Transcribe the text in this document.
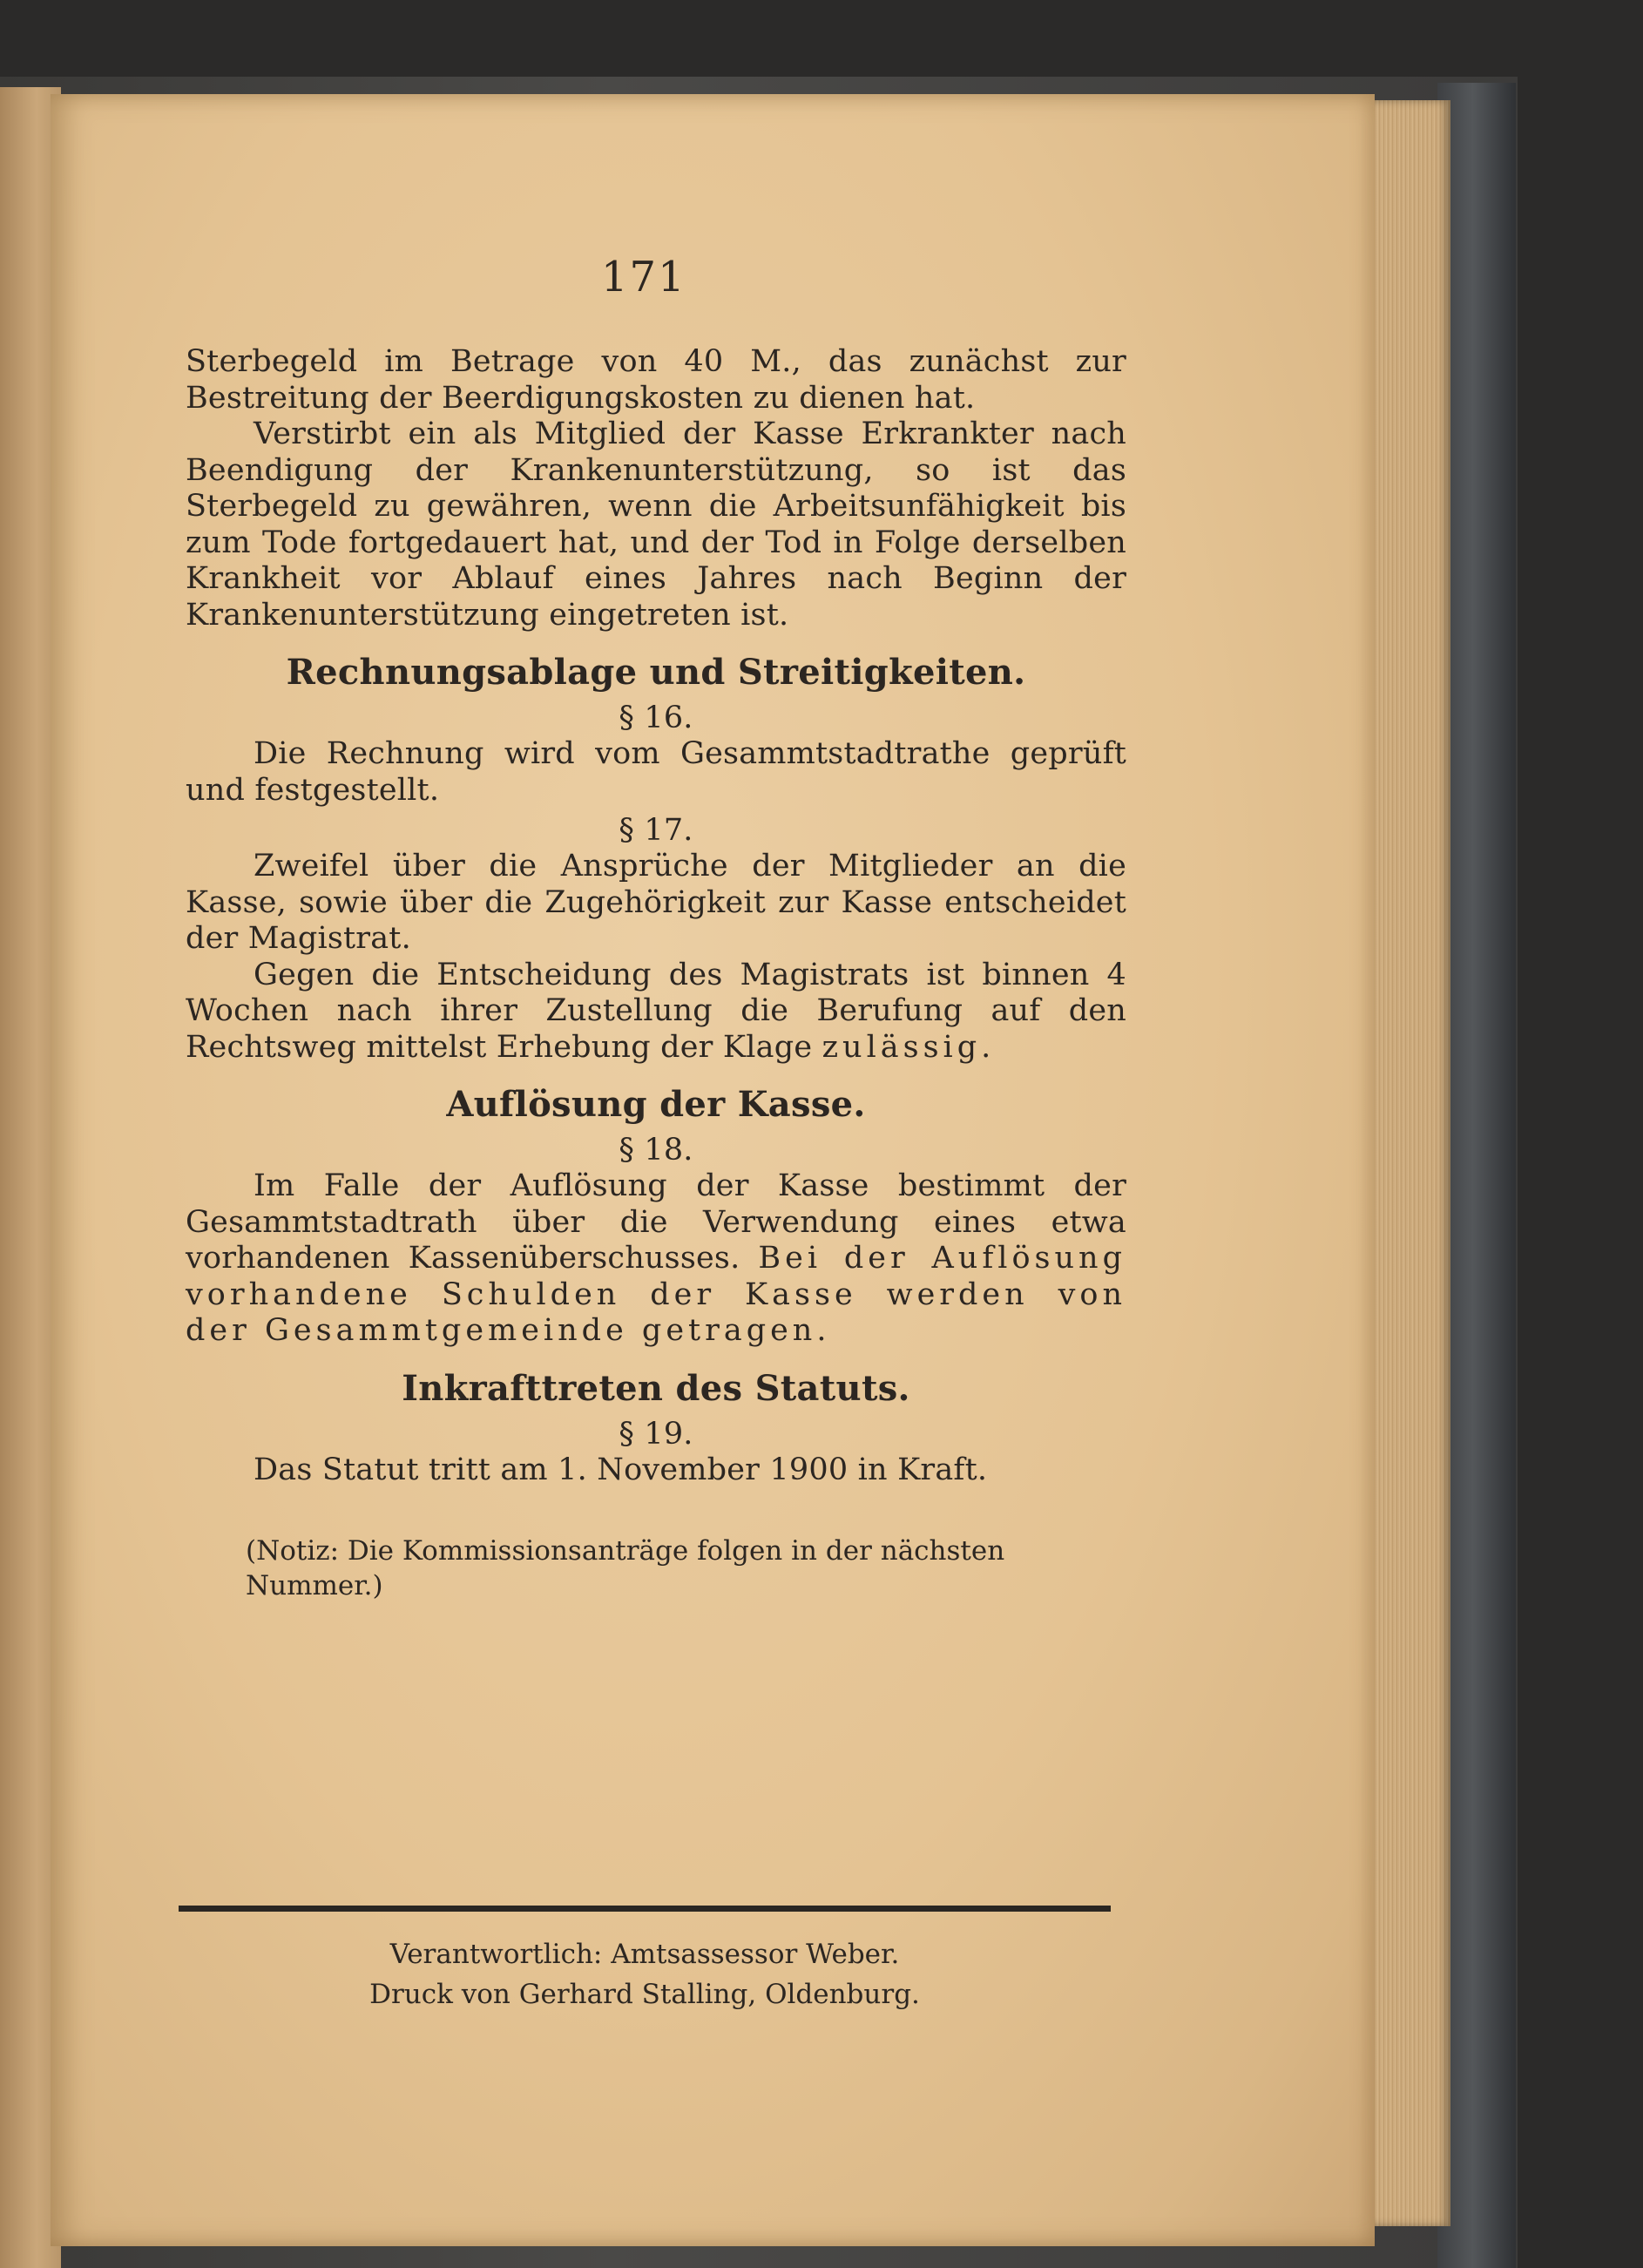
171

Sterbegeld im Betrage von 40 M., das zunächst zur Bestreitung der Beerdigungskosten zu dienen hat.

Verstirbt ein als Mitglied der Kasse Erkrankter nach Beendigung der Krankenunterstützung, so ist das Sterbegeld zu gewähren, wenn die Arbeitsunfähigkeit bis zum Tode fortgedauert hat, und der Tod in Folge derselben Krankheit vor Ablauf eines Jahres nach Beginn der Krankenunterstützung eingetreten ist.

Rechnungsablage und Streitigkeiten.
§ 16.

Die Rechnung wird vom Gesammtstadtrathe geprüft und festgestellt.

§ 17.

Zweifel über die Ansprüche der Mitglieder an die Kasse, sowie über die Zugehörigkeit zur Kasse entscheidet der Magistrat.

Gegen die Entscheidung des Magistrats ist binnen 4 Wochen nach ihrer Zustellung die Berufung auf den Rechtsweg mittelst Erhebung der Klage zulässig.

Auflösung der Kasse.
§ 18.

Im Falle der Auflösung der Kasse bestimmt der Gesammtstadtrath über die Verwendung eines etwa vorhandenen Kassenüberschusses. Bei der Auflösung vorhandene Schulden der Kasse werden von der Gesammtgemeinde getragen.

Inkrafttreten des Statuts.
§ 19.

Das Statut tritt am 1. November 1900 in Kraft.

(Notiz: Die Kommissionsanträge folgen in der nächsten Nummer.)
Verantwortlich: Amtsassessor Weber.
Druck von Gerhard Stalling, Oldenburg.
